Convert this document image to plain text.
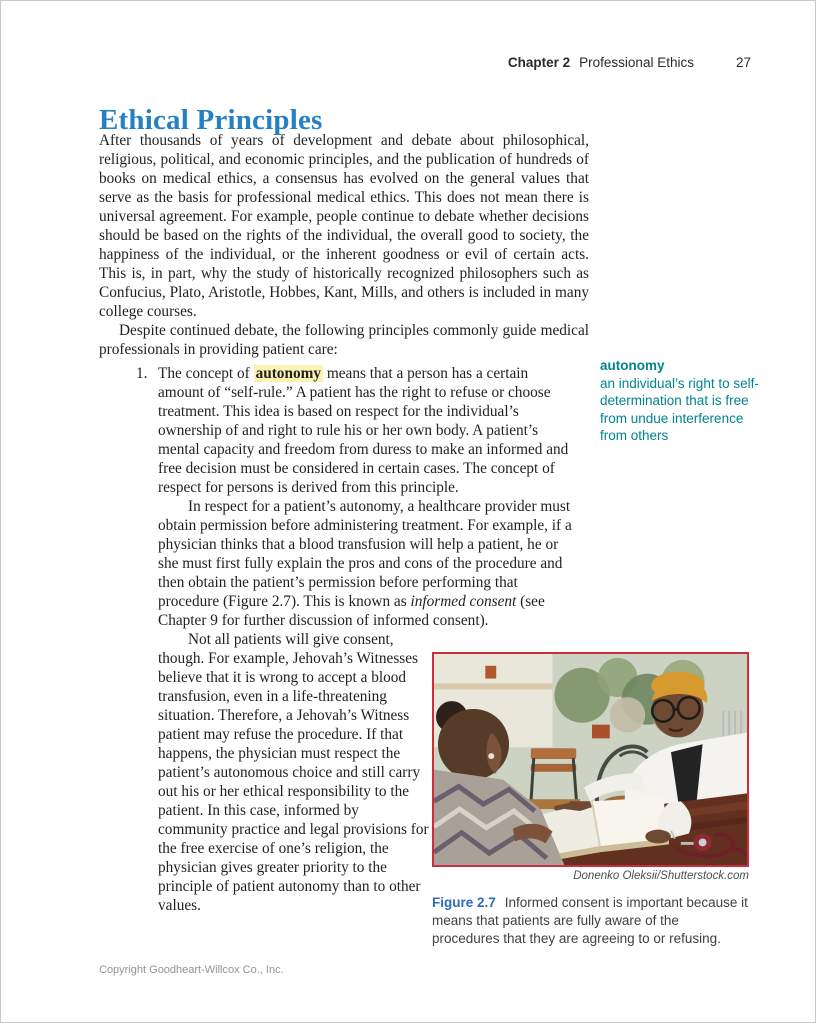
Chapter 2 Professional Ethics	27
Ethical Principles

After thousands of years of development and debate about philosophical, religious, political, and economic principles, and the publication of hundreds of books on medical ethics, a consensus has evolved on the general values that serve as the basis for professional medical ethics. This does not mean there is universal agreement. For example, people continue to debate whether decisions should be based on the rights of the individual, the overall good to society, the happiness of the individual, or the inherent goodness or evil of certain acts. This is, in part, why the study of historically recognized philosophers such as Confucius, Plato, Aristotle, Hobbes, Kant, Mills, and others is included in many college courses.

Despite continued debate, the following principles commonly guide medical professionals in providing patient care:

1. The concept of autonomy means that a person has a certain amount of “self-rule.” A patient has the right to refuse or choose treatment. This idea is based on respect for the individual’s ownership of and right to rule his or her own body. A patient’s mental capacity and freedom from duress to make an informed and free decision must be considered in certain cases. The concept of respect for persons is derived from this principle.

In respect for a patient’s autonomy, a healthcare provider must obtain permission before administering treatment. For example, if a physician thinks that a blood transfusion will help a patient, he or she must first fully explain the pros and cons of the procedure and then obtain the patient’s permission before performing that procedure (Figure 2.7). This is known as informed consent (see Chapter 9 for further discussion of informed consent).

Not all patients will give consent, though. For example, Jehovah’s Witnesses believe that it is wrong to accept a blood transfusion, even in a life-threatening situation. Therefore, a Jehovah’s Witness patient may refuse the procedure. If that happens, the physician must respect the patient’s autonomous choice and still carry out his or her ethical responsibility to the patient. In this case, informed by community practice and legal provisions for the free exercise of one’s religion, the physician gives greater priority to the principle of patient autonomy than to other values.

autonomy
an individual’s right to self-determination that is free from undue interference from others
Donenko Oleksii/Shutterstock.com
Figure 2.7 Informed consent is important because it means that patients are fully aware of the procedures that they are agreeing to or refusing.
Copyright Goodheart-Willcox Co., Inc.
